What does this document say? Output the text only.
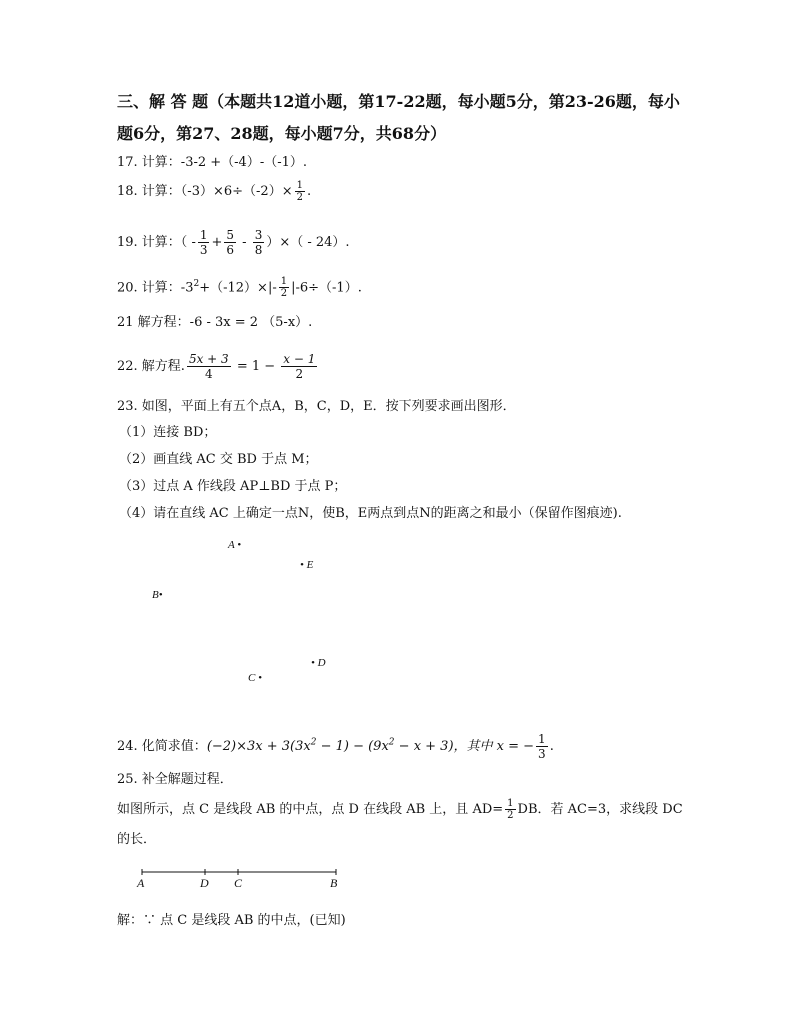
三、解 答 题（本题共12道小题，第17-22题，每小题5分，第23-26题，每小
题6分，第27、28题，每小题7分，共68分）
17. 计算：-3-2 +（-4）-（-1）.
18. 计算：$(-3)\times 6\div(-2)\times \frac{1}{2}$ .
19. 计算：（ - $\frac{1}{3} + \frac{5}{6} - \frac{3}{8}$ ）×（ - 24）.
20. 计算：$-3^2+(-12)\times|- \frac{1}{2} |-6\div(-1)$.
21 解方程：-6 - 3x = 2 （5-x）.
22. 解方程. $\frac{5x + 3}{4} = 1 - \frac{x - 1}{2}$
23. 如图，平面上有五个点A，B，C，D，E．按下列要求画出图形．
（1）连接 BD；
（2）画直线 AC 交 BD 于点 M；
（3）过点 A 作线段 AP⊥BD 于点 P；
（4）请在直线 AC 上确定一点N，使B，E两点到点N的距离之和最小（保留作图痕迹).
A •
• E
B•
• D
C •
24. 化简求值：$(-2)\times 3x + 3(3x^2 - 1) - (9x^2 - x + 3)$，其中 x = − $\frac{1}{3}$ .
25. 补全解题过程．
如图所示，点 C 是线段 AB 的中点，点 D 在线段 AB 上，且 $AD= \frac{1}{2}$ DB．若 AC=3，求线段 DC
的长．
A	D C	B
解：∵ 点 C 是线段 AB 的中点，(已知)
